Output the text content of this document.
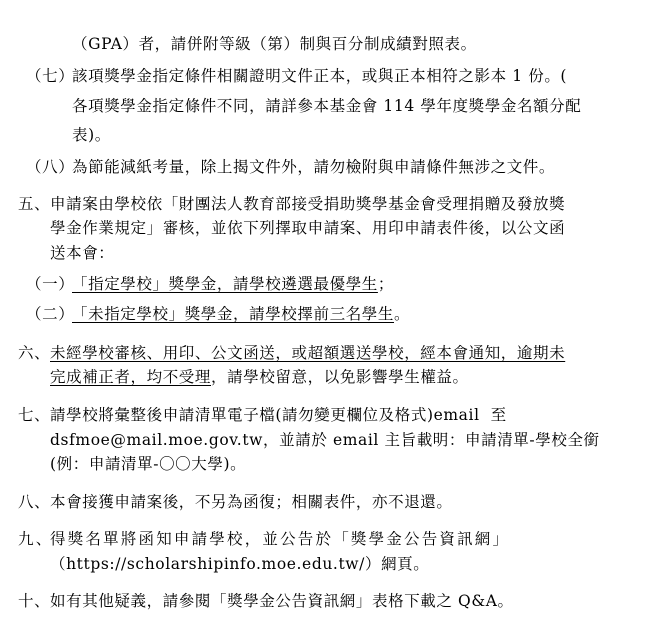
（GPA）者，請併附等級（第）制與百分制成績對照表。
（七）
該項獎學金指定條件相關證明文件正本，或與正本相符之影本 1 份。(
各項獎學金指定條件不同，請詳參本基金會 114 學年度獎學金名額分配
表)。
（八）
為節能減紙考量，除上揭文件外，請勿檢附與申請條件無涉之文件。
五、 申請案由學校依「財團法人教育部接受捐助獎學基金會受理捐贈及發放獎
學金作業規定」審核，並依下列擇取申請案、用印申請表件後，以公文函
送本會：
（一）
「指定學校」獎學金，請學校遴選最優學生；
（二）
「未指定學校」獎學金，請學校擇前三名學生。
六、 未經學校審核、用印、公文函送，或超額選送學校，經本會通知，逾期未
完成補正者，均不受理，請學校留意，以免影響學生權益。
七、 請學校將彙整後申請清單電子檔(請勿變更欄位及格式)email  至
dsfmoe@mail.moe.gov.tw，並請於 email 主旨載明：申請清單-學校全銜
(例：申請清單-〇〇大學)。
八、 本會接獲申請案後，不另為函復；相關表件，亦不退還。
九、
得獎名單將函知申請學校，並公告於「獎學金公告資訊網」
（https://scholarshipinfo.moe.edu.tw/）網頁。
十、 如有其他疑義，請參閱「獎學金公告資訊網」表格下載之 Q&A。
